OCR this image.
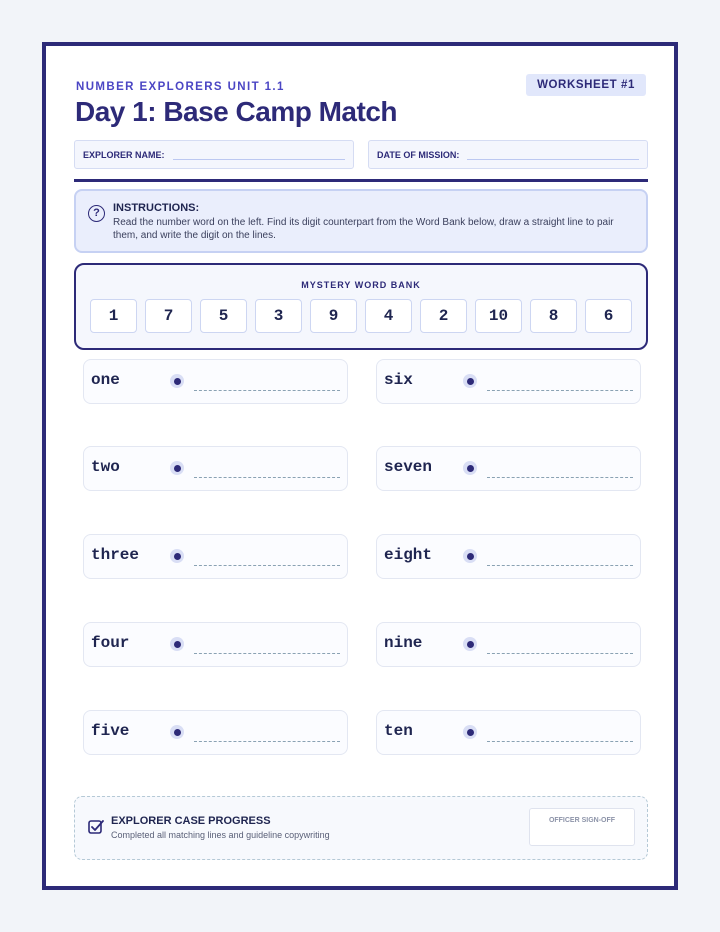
NUMBER EXPLORERS UNIT 1.1	WORKSHEET #1
Day 1: Base Camp Match
EXPLORER NAME:	DATE OF MISSION:
?	INSTRUCTIONS:
Read the number word on the left. Find its digit counterpart from the Word Bank below, draw a straight line to pair them, and write the digit on the lines.
MYSTERY WORD BANK
1	7	5	3	9	4	2	10	8	6
one
two
three
four
five
six
seven
eight
nine
ten
EXPLORER CASE PROGRESS
Completed all matching lines and guideline copywriting
OFFICER SIGN-OFF
